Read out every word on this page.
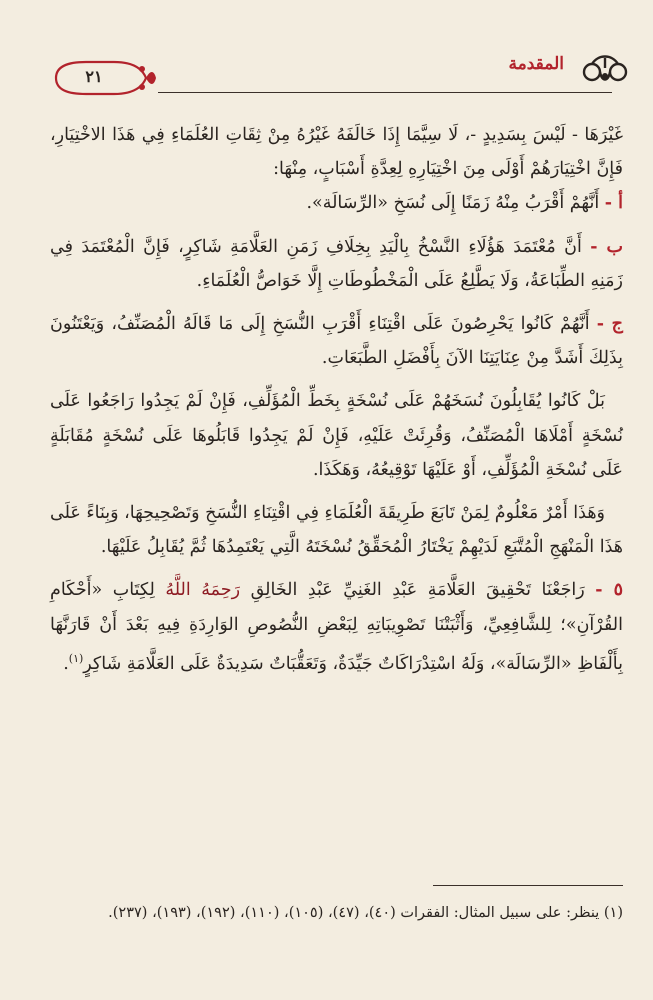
المقدمة
٢١

غَيْرَهَا - لَيْسَ بِسَدِيدٍ -، لَا سِيَّمَا إِذَا خَالَفَهُ غَيْرُهُ مِنْ ثِقَاتِ العُلَمَاءِ فِي هَذَا الاخْتِيَارِ، فَإِنَّ اخْتِيَارَهُمْ أَوْلَى مِنَ اخْتِيَارِهِ لِعِدَّةِ أَسْبَابٍ، مِنْهَا:

أ - أَنَّهُمْ أَقْرَبُ مِنْهُ زَمَنًا إِلَى نُسَخِ «الرِّسَالَة».

ب - أَنَّ مُعْتَمَدَ هَؤُلَاءِ النَّسْخُ بِالْيَدِ بِخِلَافِ زَمَنِ العَلَّامَةِ شَاكِرٍ، فَإِنَّ الْمُعْتَمَدَ فِي زَمَنِهِ الطِّبَاعَةُ، وَلَا يَطَّلِعُ عَلَى الْمَخْطُوطَاتِ إِلَّا خَوَاصُّ الْعُلَمَاءِ.

ج - أَنَّهُمْ كَانُوا يَحْرِصُونَ عَلَى اقْتِنَاءِ أَقْرَبِ النُّسَخِ إِلَى مَا قَالَهُ الْمُصَنِّفُ، وَيَعْتَنُونَ بِذَلِكَ أَشَدَّ مِنْ عِنَايَتِنَا الآنَ بِأَفْضَلِ الطَّبَعَاتِ.

بَلْ كَانُوا يُقَابِلُونَ نُسَخَهُمْ عَلَى نُسْخَةٍ بِخَطِّ الْمُؤَلِّفِ، فَإِنْ لَمْ يَجِدُوا رَاجَعُوا عَلَى نُسْخَةٍ أَمْلَاهَا الْمُصَنِّفُ، وَقُرِئَتْ عَلَيْهِ، فَإِنْ لَمْ يَجِدُوا قَابَلُوهَا عَلَى نُسْخَةٍ مُقَابَلَةٍ عَلَى نُسْخَةِ الْمُؤَلِّفِ، أَوْ عَلَيْهَا تَوْقِيعُهُ، وَهَكَذَا.

وَهَذَا أَمْرٌ مَعْلُومٌ لِمَنْ تَابَعَ طَرِيقَةَ الْعُلَمَاءِ فِي اقْتِنَاءِ النُّسَخِ وَتَصْحِيحِهَا، وَبِنَاءً عَلَى هَذَا الْمَنْهَجِ الْمُتَّبَعِ لَدَيْهِمْ يَخْتَارُ الْمُحَقِّقُ نُسْخَتَهُ الَّتِي يَعْتَمِدُهَا ثُمَّ يُقَابِلُ عَلَيْهَا.

٥ - رَاجَعْنَا تَحْقِيقَ العَلَّامَةِ عَبْدِ الغَنِيِّ عَبْدِ الخَالِقِ رَحِمَهُ اللَّهُ لِكِتَابِ «أَحْكَامِ القُرْآنِ»؛ لِلشَّافِعِيِّ، وَأَثْبَتْنَا تَصْوِيبَاتِهِ لِبَعْضِ النُّصُوصِ الوَارِدَةِ فِيهِ بَعْدَ أَنْ قَارَنَّهَا بِأَلْفَاظِ «الرِّسَالَة»، وَلَهُ اسْتِدْرَاكَاتٌ جَيِّدَةٌ، وَتَعَقُّبَاتٌ سَدِيدَةٌ عَلَى العَلَّامَةِ شَاكِرٍ$^{(١)}$.

(١) ينظر: على سبيل المثال: الفقرات (٤٠)، (٤٧)، (١٠٥)، (١١٠)، (١٩٢)، (١٩٣)، (٢٣٧).
